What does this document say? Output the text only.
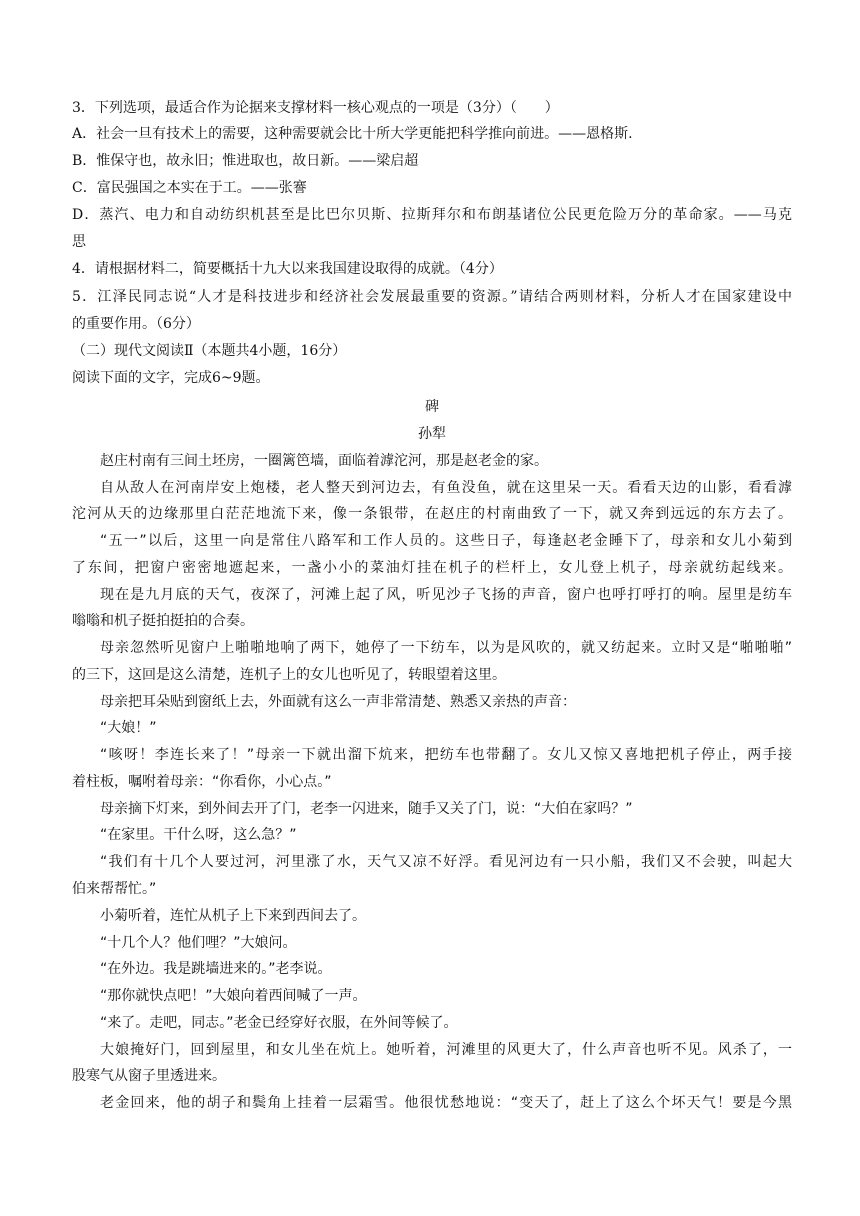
3．下列选项，最适合作为论据来支撑材料一核心观点的一项是（3分）（　　）
A．社会一旦有技术上的需要，这种需要就会比十所大学更能把科学推向前进。——恩格斯.
B．惟保守也，故永旧；惟进取也，故日新。——梁启超
C．富民强国之本实在于工。——张謇
D．蒸汽、电力和自动纺织机甚至是比巴尔贝斯、拉斯拜尔和布朗基诸位公民更危险万分的革命家。——马克
思
4．请根据材料二，简要概括十九大以来我国建设取得的成就。（4分）
5．江泽民同志说“人才是科技进步和经济社会发展最重要的资源。”请结合两则材料，分析人才在国家建设中
的重要作用。（6分）
（二）现代文阅读Ⅱ（本题共4小题，16分）
阅读下面的文字，完成6~9题。
碑
孙犁
赵庄村南有三间土坯房，一圈篱笆墙，面临着滹沱河，那是赵老金的家。
自从敌人在河南岸安上炮楼，老人整天到河边去，有鱼没鱼，就在这里呆一天。看看天边的山影，看看滹
沱河从天的边缘那里白茫茫地流下来，像一条银带，在赵庄的村南曲致了一下，就又奔到远远的东方去了。
“五一”以后，这里一向是常住八路军和工作人员的。这些日子，每逢赵老金睡下了，母亲和女儿小菊到
了东间，把窗户密密地遮起来，一盏小小的菜油灯挂在机子的栏杆上，女儿登上机子，母亲就纺起线来。
现在是九月底的天气，夜深了，河滩上起了风，听见沙子飞扬的声音，窗户也呼打呼打的响。屋里是纺车
嗡嗡和机子挺拍挺拍的合奏。
母亲忽然听见窗户上啪啪地响了两下，她停了一下纺车，以为是风吹的，就又纺起来。立时又是“啪啪啪”
的三下，这回是这么清楚，连机子上的女儿也听见了，转眼望着这里。
母亲把耳朵贴到窗纸上去，外面就有这么一声非常清楚、熟悉又亲热的声音：
“大娘！”
“咳呀！李连长来了！”母亲一下就出溜下炕来，把纺车也带翻了。女儿又惊又喜地把机子停止，两手接
着柱板，嘱咐着母亲：“你看你，小心点。”
母亲摘下灯来，到外间去开了门，老李一闪进来，随手又关了门，说：“大伯在家吗？”
“在家里。干什么呀，这么急？”
“我们有十几个人要过河，河里涨了水，天气又凉不好浮。看见河边有一只小船，我们又不会驶，叫起大
伯来帮帮忙。”
小菊听着，连忙从机子上下来到西间去了。
“十几个人？他们哩？”大娘问。
“在外边。我是跳墙进来的。”老李说。
“那你就快点吧！”大娘向着西间喊了一声。
“来了。走吧，同志。”老金已经穿好衣服，在外间等候了。
大娘掩好门，回到屋里，和女儿坐在炕上。她听着，河滩里的风更大了，什么声音也听不见。风杀了，一
股寒气从窗子里透进来。
老金回来，他的胡子和鬓角上挂着一层霜雪。他很忧愁地说：“变天了，赶上了这么个坏天气！要是今黑
